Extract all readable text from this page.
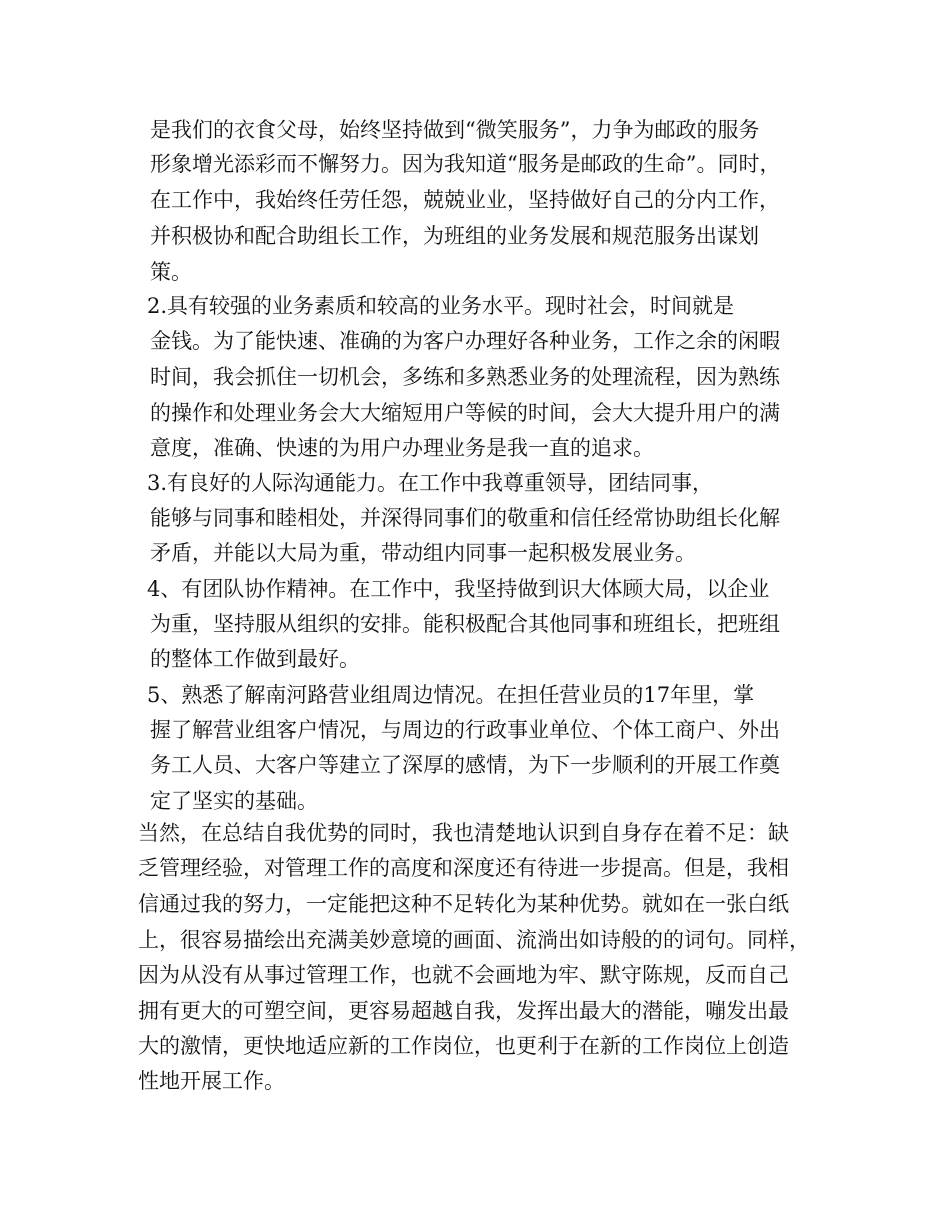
是我们的衣食父母，始终坚持做到“微笑服务”，力争为邮政的服务
形象增光添彩而不懈努力。因为我知道“服务是邮政的生命”。同时，
在工作中，我始终任劳任怨，兢兢业业，坚持做好自己的分内工作，
并积极协和配合助组长工作，为班组的业务发展和规范服务出谋划
策。
2.具有较强的业务素质和较高的业务水平。现时社会，时间就是
金钱。为了能快速、准确的为客户办理好各种业务，工作之余的闲暇
时间，我会抓住一切机会，多练和多熟悉业务的处理流程，因为熟练
的操作和处理业务会大大缩短用户等候的时间，会大大提升用户的满
意度，准确、快速的为用户办理业务是我一直的追求。
3.有良好的人际沟通能力。在工作中我尊重领导，团结同事，
能够与同事和睦相处，并深得同事们的敬重和信任经常协助组长化解
矛盾，并能以大局为重，带动组内同事一起积极发展业务。
4、有团队协作精神。在工作中，我坚持做到识大体顾大局，以企业
为重，坚持服从组织的安排。能积极配合其他同事和班组长，把班组
的整体工作做到最好。
5、熟悉了解南河路营业组周边情况。在担任营业员的17年里，掌
握了解营业组客户情况，与周边的行政事业单位、个体工商户、外出
务工人员、大客户等建立了深厚的感情，为下一步顺利的开展工作奠
定了坚实的基础。
当然，在总结自我优势的同时，我也清楚地认识到自身存在着不足：缺
乏管理经验，对管理工作的高度和深度还有待进一步提高。但是，我相
信通过我的努力，一定能把这种不足转化为某种优势。就如在一张白纸
上，很容易描绘出充满美妙意境的画面、流淌出如诗般的的词句。同样，
因为从没有从事过管理工作，也就不会画地为牢、默守陈规，反而自己
拥有更大的可塑空间，更容易超越自我，发挥出最大的潜能，嘣发出最
大的激情，更快地适应新的工作岗位，也更利于在新的工作岗位上创造
性地开展工作。
